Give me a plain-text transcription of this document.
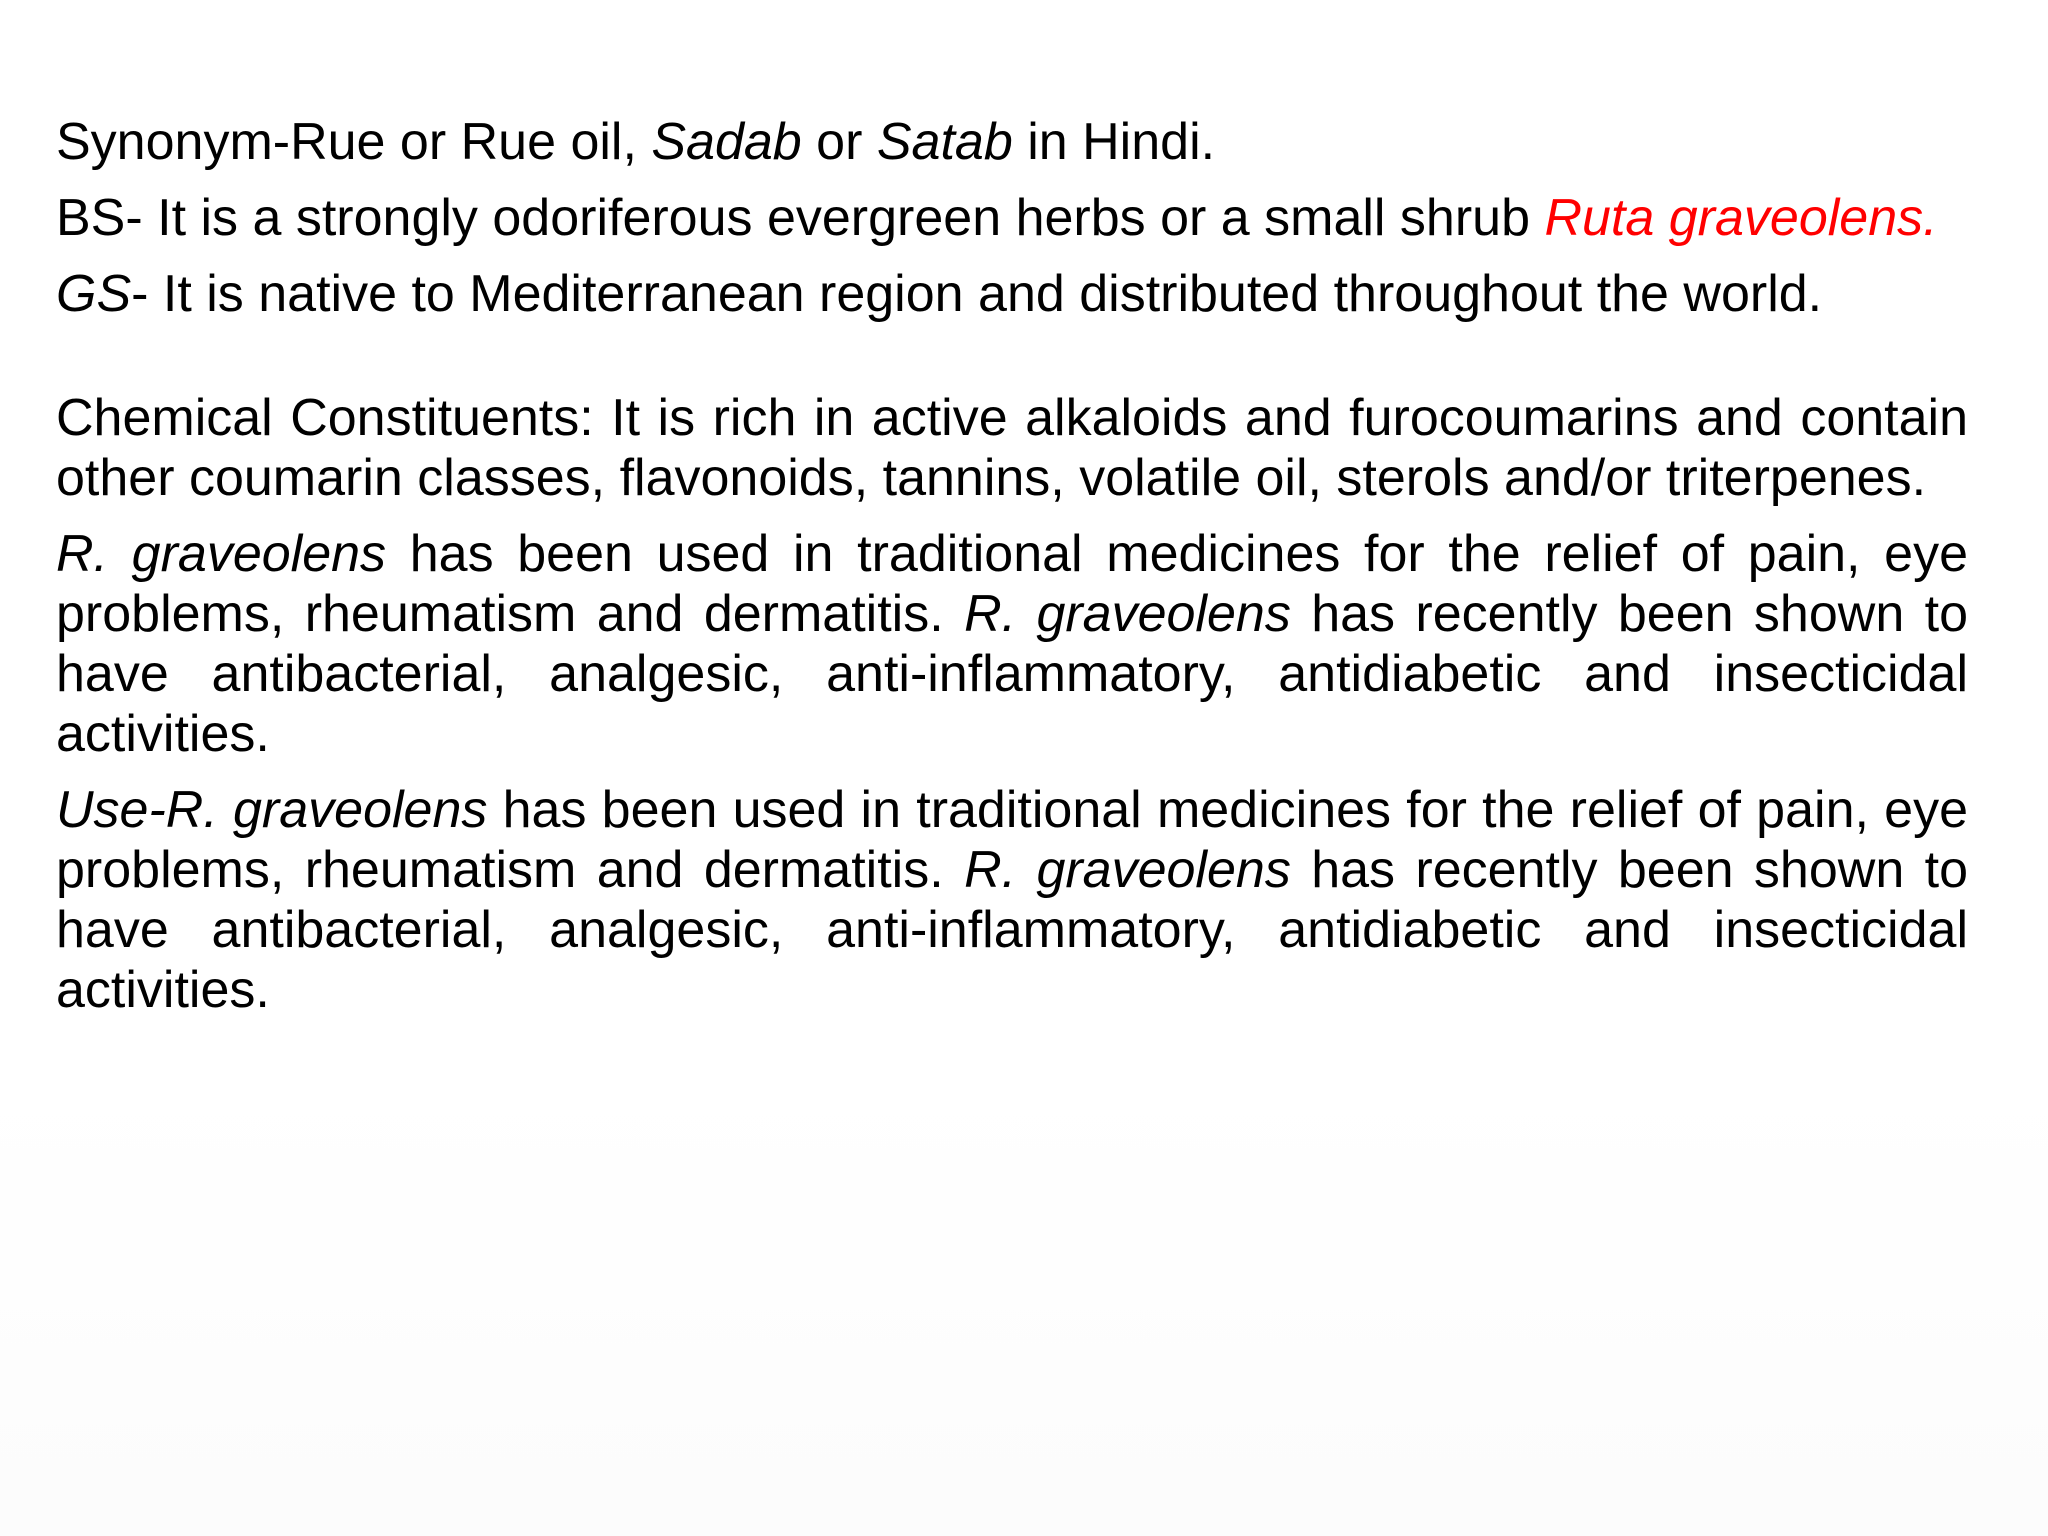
Synonym-Rue or Rue oil, Sadab or Satab in Hindi.

BS- It is a strongly odoriferous evergreen herbs or a small shrub Ruta graveolens.

GS- It is native to Mediterranean region and distributed throughout the world.

Chemical Constituents: It is rich in active alkaloids and furocoumarins and contain other coumarin classes, flavonoids, tannins, volatile oil, sterols and/or triterpenes.

R. graveolens has been used in traditional medicines for the relief of pain, eye problems, rheumatism and dermatitis. R. graveolens has recently been shown to have antibacterial, analgesic, anti-inflammatory, antidiabetic and insecticidal activities.

Use-R. graveolens has been used in traditional medicines for the relief of pain, eye problems, rheumatism and dermatitis. R. graveolens has recently been shown to have antibacterial, analgesic, anti-inflammatory, antidiabetic and insecticidal activities.
